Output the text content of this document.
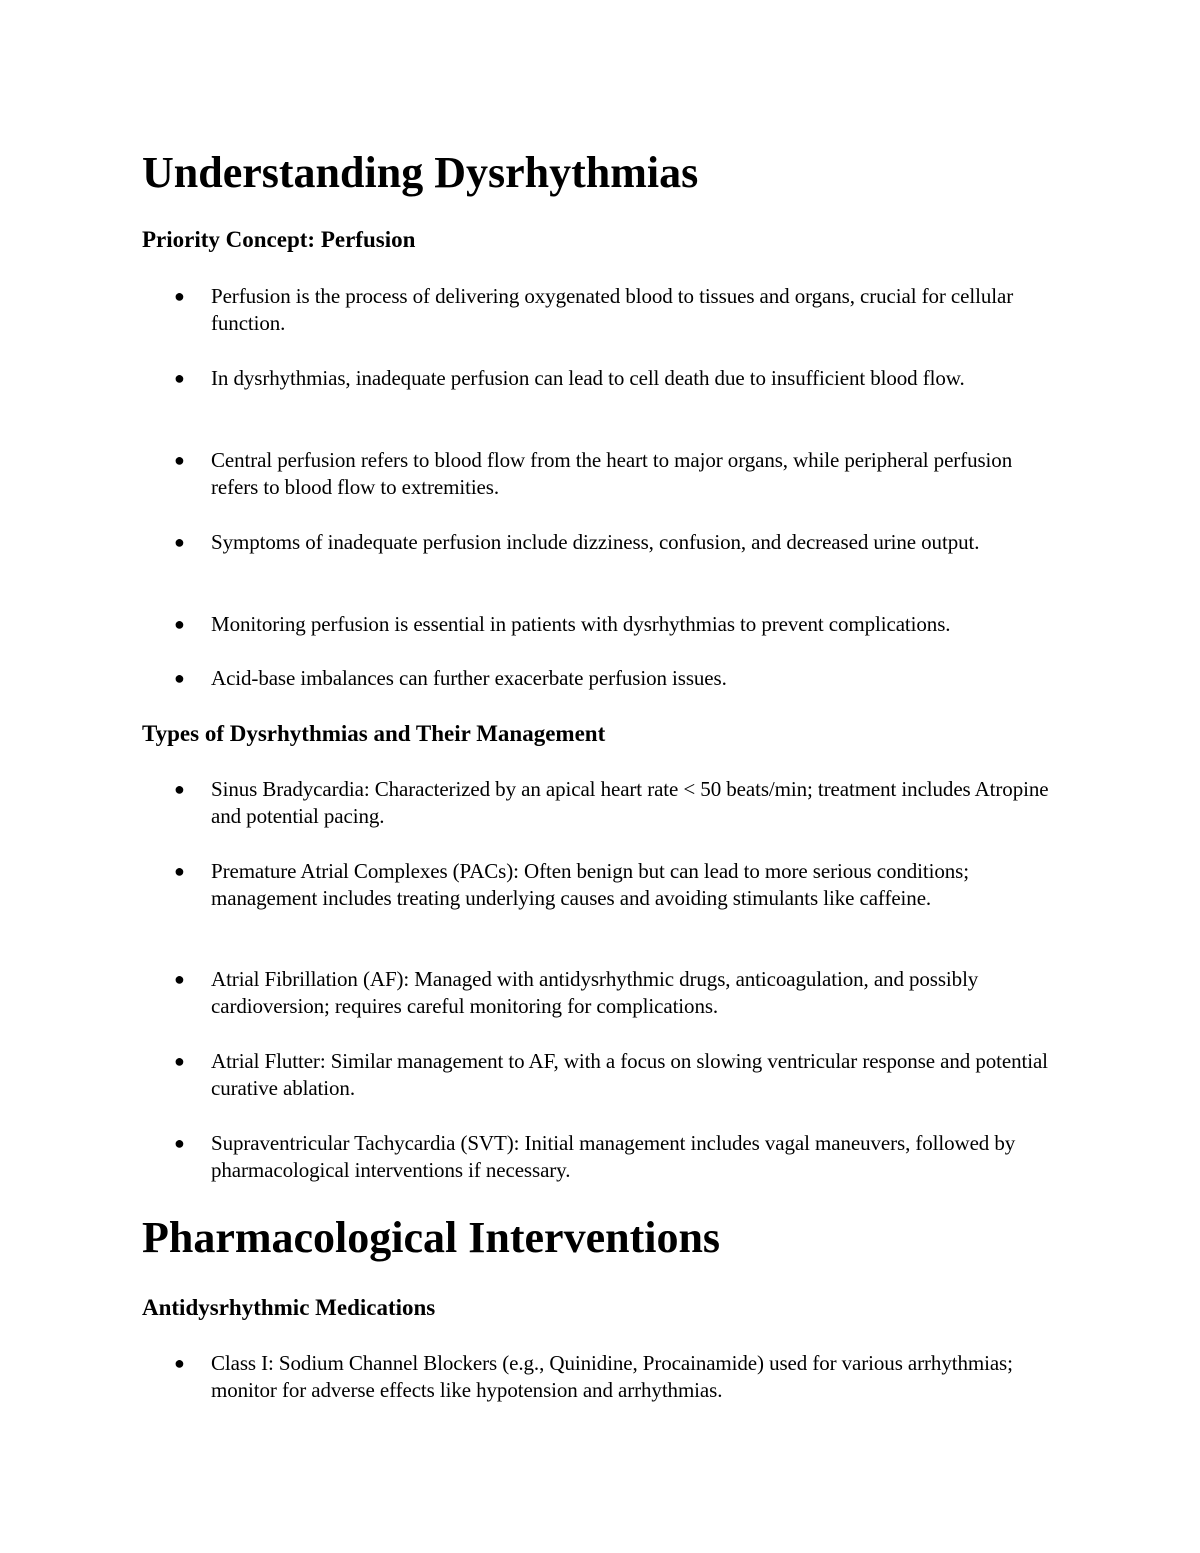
Understanding Dysrhythmias
Priority Concept: Perfusion
● Perfusion is the process of delivering oxygenated blood to tissues and organs, crucial for cellular function.
● In dysrhythmias, inadequate perfusion can lead to cell death due to insufficient blood flow.
● Central perfusion refers to blood flow from the heart to major organs, while peripheral perfusion refers to blood flow to extremities.
● Symptoms of inadequate perfusion include dizziness, confusion, and decreased urine output.
● Monitoring perfusion is essential in patients with dysrhythmias to prevent complications.
● Acid-base imbalances can further exacerbate perfusion issues.
Types of Dysrhythmias and Their Management
● Sinus Bradycardia: Characterized by an apical heart rate < 50 beats/min; treatment includes Atropine and potential pacing.
● Premature Atrial Complexes (PACs): Often benign but can lead to more serious conditions; management includes treating underlying causes and avoiding stimulants like caffeine.
● Atrial Fibrillation (AF): Managed with antidysrhythmic drugs, anticoagulation, and possibly cardioversion; requires careful monitoring for complications.
● Atrial Flutter: Similar management to AF, with a focus on slowing ventricular response and potential curative ablation.
● Supraventricular Tachycardia (SVT): Initial management includes vagal maneuvers, followed by pharmacological interventions if necessary.
Pharmacological Interventions
Antidysrhythmic Medications
● Class I: Sodium Channel Blockers (e.g., Quinidine, Procainamide) used for various arrhythmias; monitor for adverse effects like hypotension and arrhythmias.
